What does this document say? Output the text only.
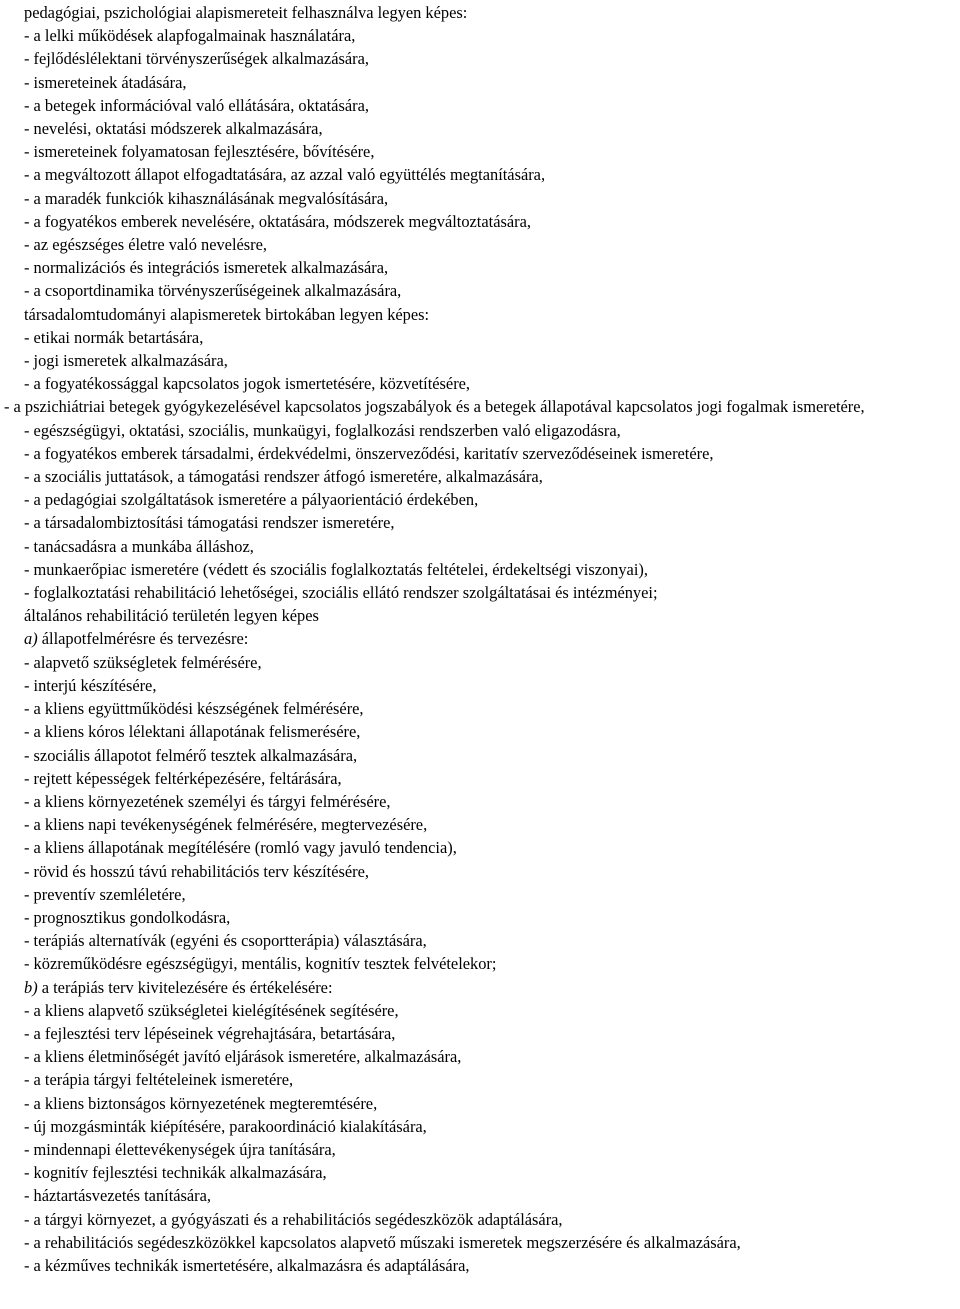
pedagógiai, pszichológiai alapismereteit felhasználva legyen képes:
- a lelki működések alapfogalmainak használatára,
- fejlődéslélektani törvényszerűségek alkalmazására,
- ismereteinek átadására,
- a betegek információval való ellátására, oktatására,
- nevelési, oktatási módszerek alkalmazására,
- ismereteinek folyamatosan fejlesztésére, bővítésére,
- a megváltozott állapot elfogadtatására, az azzal való együttélés megtanítására,
- a maradék funkciók kihasználásának megvalósítására,
- a fogyatékos emberek nevelésére, oktatására, módszerek megváltoztatására,
- az egészséges életre való nevelésre,
- normalizációs és integrációs ismeretek alkalmazására,
- a csoportdinamika törvényszerűségeinek alkalmazására,
társadalomtudományi alapismeretek birtokában legyen képes:
- etikai normák betartására,
- jogi ismeretek alkalmazására,
- a fogyatékossággal kapcsolatos jogok ismertetésére, közvetítésére,
- a pszichiátriai betegek gyógykezelésével kapcsolatos jogszabályok és a betegek állapotával kapcsolatos jogi fogalmak ismeretére,
- egészségügyi, oktatási, szociális, munkaügyi, foglalkozási rendszerben való eligazodásra,
- a fogyatékos emberek társadalmi, érdekvédelmi, önszerveződési, karitatív szerveződéseinek ismeretére,
- a szociális juttatások, a támogatási rendszer átfogó ismeretére, alkalmazására,
- a pedagógiai szolgáltatások ismeretére a pályaorientáció érdekében,
- a társadalombiztosítási támogatási rendszer ismeretére,
- tanácsadásra a munkába álláshoz,
- munkaerőpiac ismeretére (védett és szociális foglalkoztatás feltételei, érdekeltségi viszonyai),
- foglalkoztatási rehabilitáció lehetőségei, szociális ellátó rendszer szolgáltatásai és intézményei;
általános rehabilitáció területén legyen képes
a) állapotfelmérésre és tervezésre:
- alapvető szükségletek felmérésére,
- interjú készítésére,
- a kliens együttműködési készségének felmérésére,
- a kliens kóros lélektani állapotának felismerésére,
- szociális állapotot felmérő tesztek alkalmazására,
- rejtett képességek feltérképezésére, feltárására,
- a kliens környezetének személyi és tárgyi felmérésére,
- a kliens napi tevékenységének felmérésére, megtervezésére,
- a kliens állapotának megítélésére (romló vagy javuló tendencia),
- rövid és hosszú távú rehabilitációs terv készítésére,
- preventív szemléletére,
- prognosztikus gondolkodásra,
- terápiás alternatívák (egyéni és csoportterápia) választására,
- közreműködésre egészségügyi, mentális, kognitív tesztek felvételekor;
b) a terápiás terv kivitelezésére és értékelésére:
- a kliens alapvető szükségletei kielégítésének segítésére,
- a fejlesztési terv lépéseinek végrehajtására, betartására,
- a kliens életminőségét javító eljárások ismeretére, alkalmazására,
- a terápia tárgyi feltételeinek ismeretére,
- a kliens biztonságos környezetének megteremtésére,
- új mozgásminták kiépítésére, parakoordináció kialakítására,
- mindennapi élettevékenységek újra tanítására,
- kognitív fejlesztési technikák alkalmazására,
- háztartásvezetés tanítására,
- a tárgyi környezet, a gyógyászati és a rehabilitációs segédeszközök adaptálására,
- a rehabilitációs segédeszközökkel kapcsolatos alapvető műszaki ismeretek megszerzésére és alkalmazására,
- a kézműves technikák ismertetésére, alkalmazásra és adaptálására,
